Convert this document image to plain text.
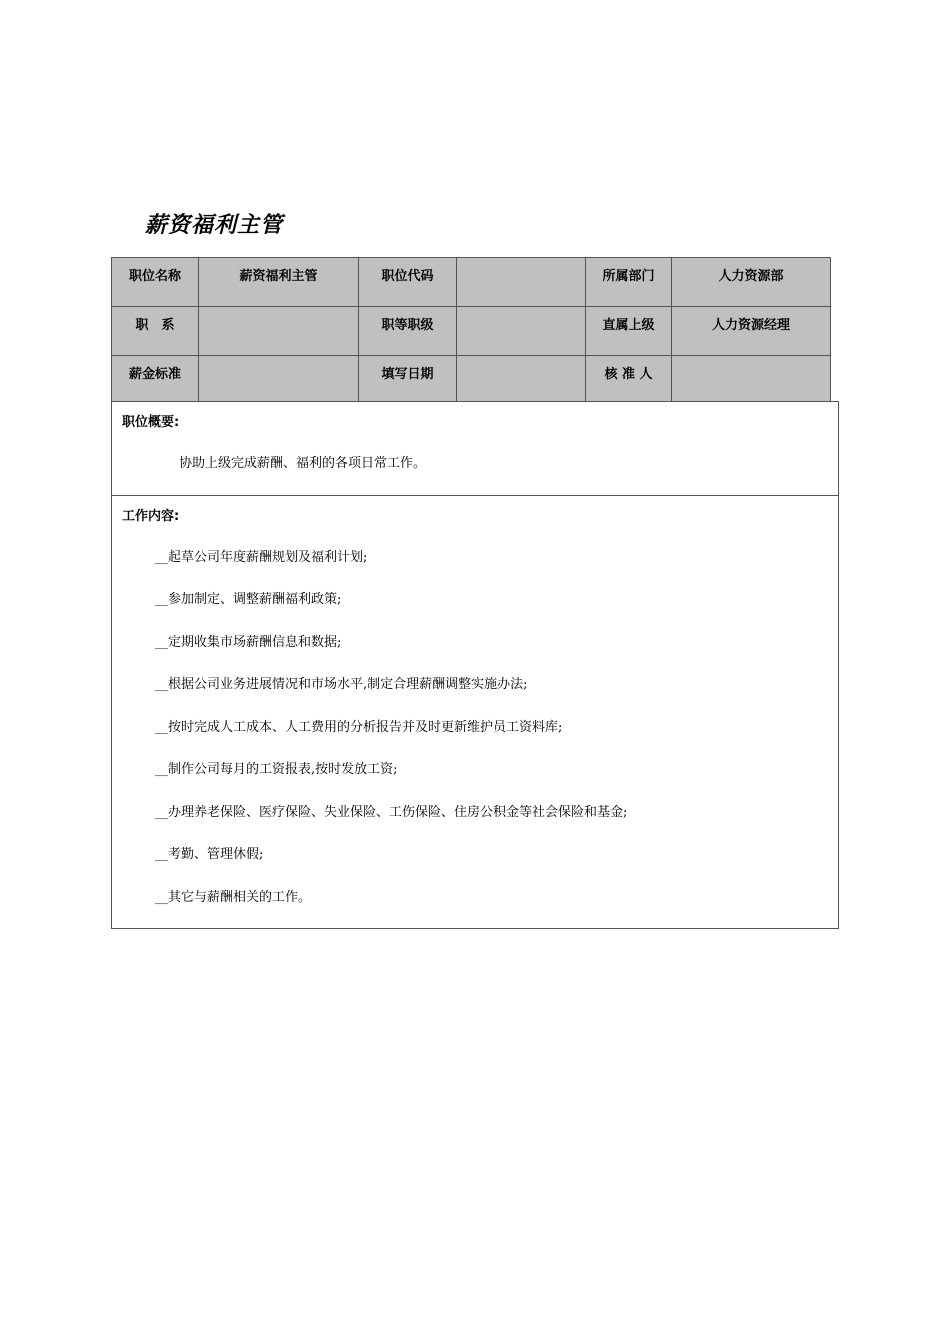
薪资福利主管
职位名称	薪资福利主管	职位代码		所属部门	人力资源部
职　系		职等职级		直属上级	人力资源经理
薪金标准		填写日期		核 准 人	
职位概要:
协助上级完成薪酬、福利的各项日常工作。
工作内容:
__起草公司年度薪酬规划及福利计划;
__参加制定、调整薪酬福利政策;
__定期收集市场薪酬信息和数据;
__根据公司业务进展情况和市场水平,制定合理薪酬调整实施办法;
__按时完成人工成本、人工费用的分析报告并及时更新维护员工资料库;
__制作公司每月的工资报表,按时发放工资;
__办理养老保险、医疗保险、失业保险、工伤保险、住房公积金等社会保险和基金;
__考勤、管理休假;
__其它与薪酬相关的工作。
